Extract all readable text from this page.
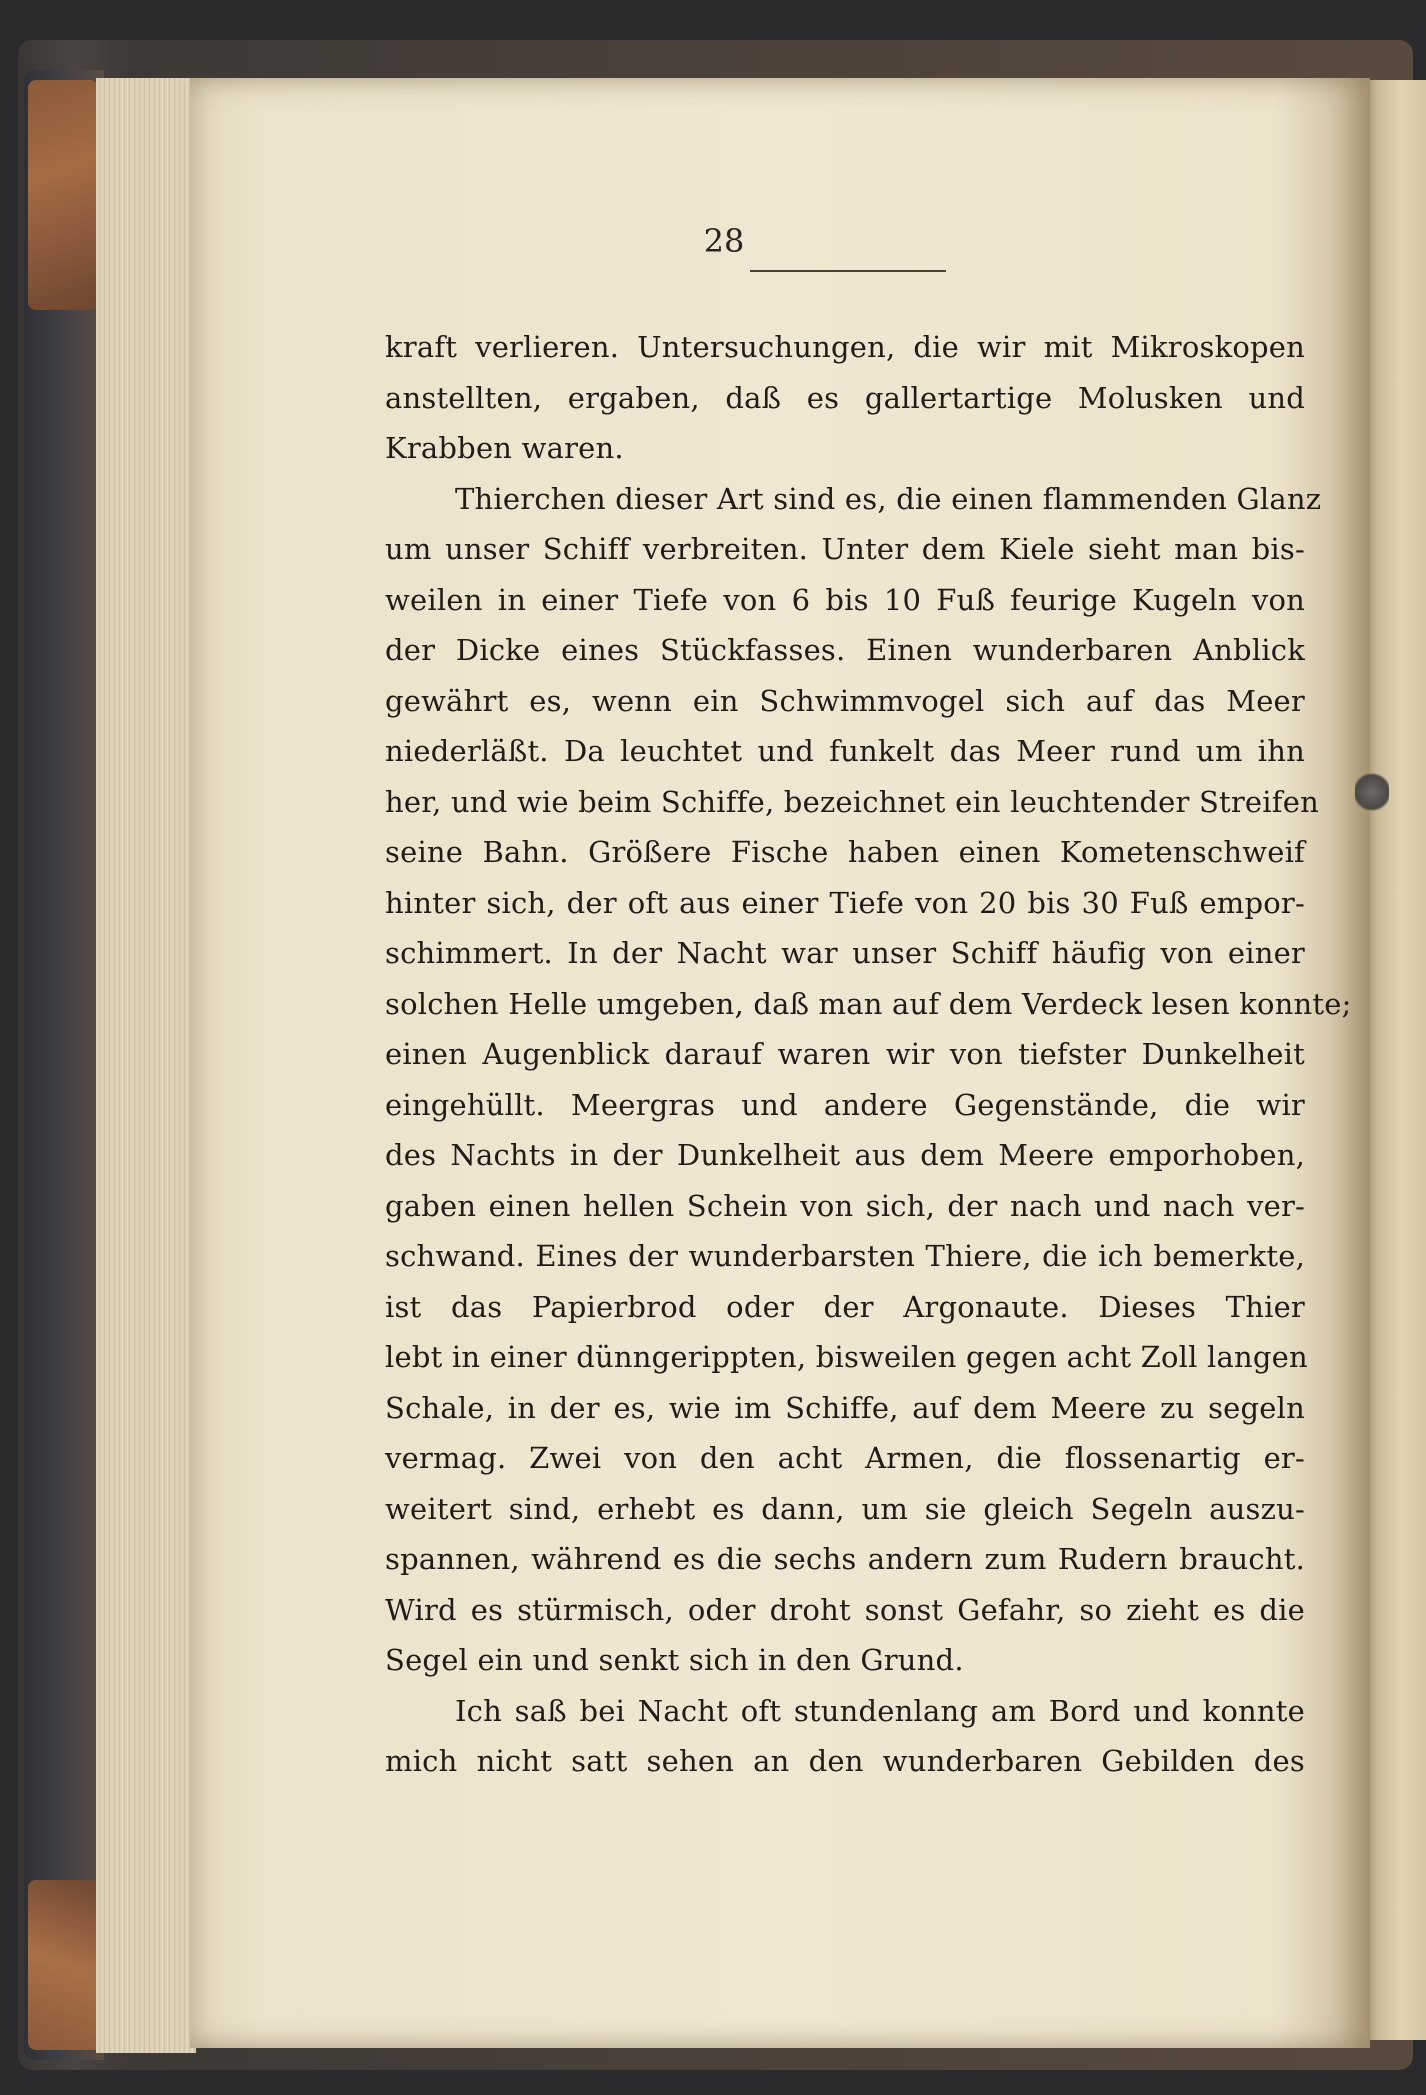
28
kraft verlieren. Untersuchungen, die wir mit Mikroskopen
anstellten, ergaben, daß es gallertartige Molusken und
Krabben waren.
Thierchen dieser Art sind es, die einen flammenden Glanz
um unser Schiff verbreiten. Unter dem Kiele sieht man bis-
weilen in einer Tiefe von 6 bis 10 Fuß feurige Kugeln von
der Dicke eines Stückfasses. Einen wunderbaren Anblick
gewährt es, wenn ein Schwimmvogel sich auf das Meer
niederläßt. Da leuchtet und funkelt das Meer rund um ihn
her, und wie beim Schiffe, bezeichnet ein leuchtender Streifen
seine Bahn. Größere Fische haben einen Kometenschweif
hinter sich, der oft aus einer Tiefe von 20 bis 30 Fuß empor-
schimmert. In der Nacht war unser Schiff häufig von einer
solchen Helle umgeben, daß man auf dem Verdeck lesen konnte;
einen Augenblick darauf waren wir von tiefster Dunkelheit
eingehüllt. Meergras und andere Gegenstände, die wir
des Nachts in der Dunkelheit aus dem Meere emporhoben,
gaben einen hellen Schein von sich, der nach und nach ver-
schwand. Eines der wunderbarsten Thiere, die ich bemerkte,
ist das Papierbrod oder der Argonaute. Dieses Thier
lebt in einer dünngerippten, bisweilen gegen acht Zoll langen
Schale, in der es, wie im Schiffe, auf dem Meere zu segeln
vermag. Zwei von den acht Armen, die flossenartig er-
weitert sind, erhebt es dann, um sie gleich Segeln auszu-
spannen, während es die sechs andern zum Rudern braucht.
Wird es stürmisch, oder droht sonst Gefahr, so zieht es die
Segel ein und senkt sich in den Grund.
Ich saß bei Nacht oft stundenlang am Bord und konnte
mich nicht satt sehen an den wunderbaren Gebilden des
